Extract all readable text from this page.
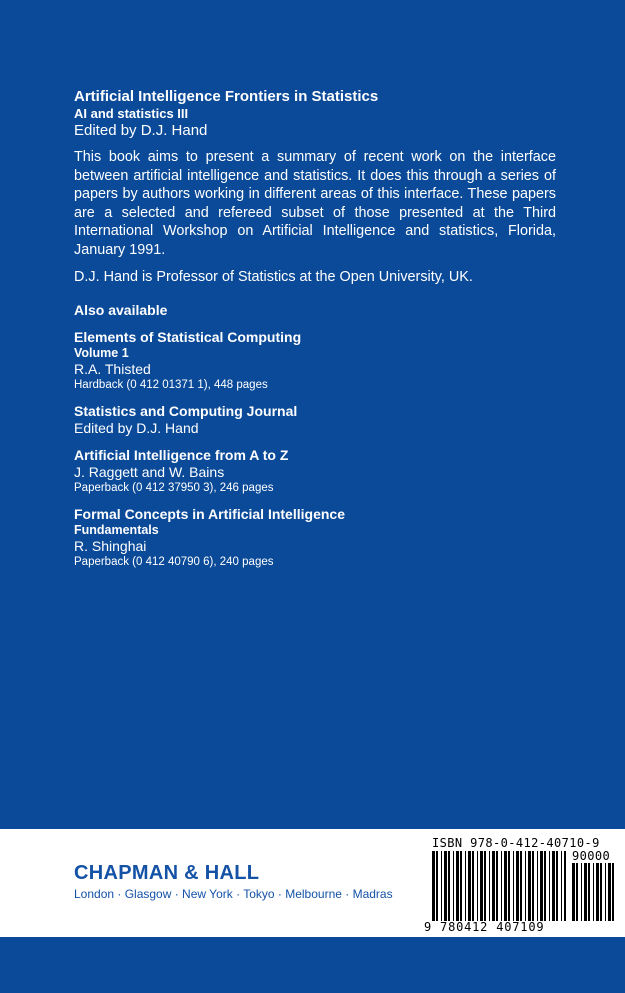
Artificial Intelligence Frontiers in Statistics
AI and statistics III
Edited by D.J. Hand

This book aims to present a summary of recent work on the interface between artificial intelligence and statistics. It does this through a series of papers by authors working in different areas of this interface. These papers are a selected and refereed subset of those presented at the Third International Workshop on Artificial Intelligence and statistics, Florida, January 1991.

D.J. Hand is Professor of Statistics at the Open University, UK.

Also available
Elements of Statistical Computing
Volume 1
R.A. Thisted
Hardback (0 412 01371 1), 448 pages
Statistics and Computing Journal
Edited by D.J. Hand
Artificial Intelligence from A to Z
J. Raggett and W. Bains
Paperback (0 412 37950 3), 246 pages
Formal Concepts in Artificial Intelligence
Fundamentals
R. Shinghai
Paperback (0 412 40790 6), 240 pages
CHAPMAN & HALL
London · Glasgow · New York · Tokyo · Melbourne · Madras
ISBN 978-0-412-40710-9
90000
9 780412 407109
